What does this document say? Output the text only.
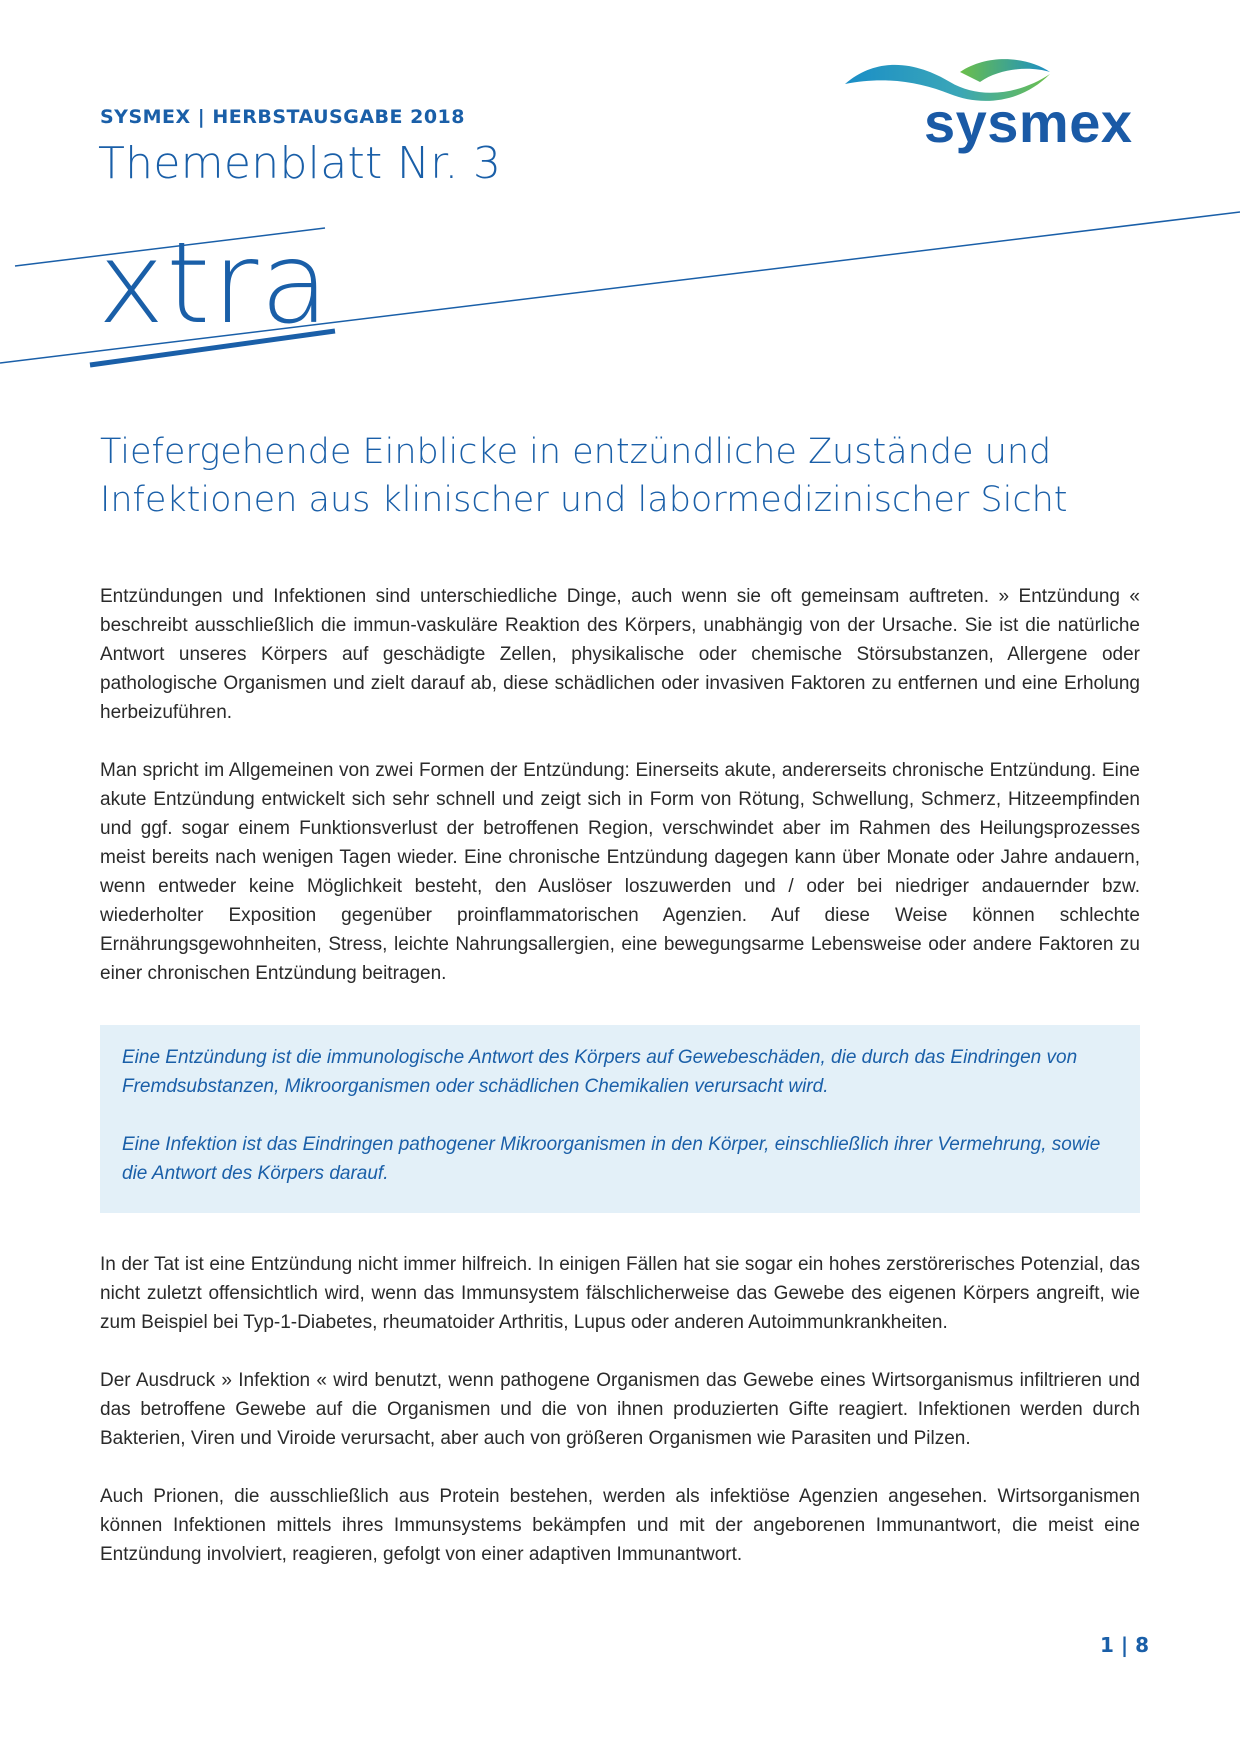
SYSMEX | HERBSTAUSGABE 2018
Themenblatt Nr. 3
sysmex
xtra
Tiefergehende Einblicke in entzündliche Zustände und Infektionen aus klinischer und labormedizinischer Sicht

Entzündungen und Infektionen sind unterschiedliche Dinge, auch wenn sie oft gemeinsam auftreten. » Entzündung « beschreibt ausschließlich die immun-vaskuläre Reaktion des Körpers, unabhängig von der Ursache. Sie ist die natürliche Antwort unseres Körpers auf geschädigte Zellen, physikalische oder chemische Störsubstanzen, Allergene oder pathologische Organismen und zielt darauf ab, diese schädlichen oder invasiven Faktoren zu entfernen und eine Erholung herbeizuführen.

Man spricht im Allgemeinen von zwei Formen der Entzündung: Einerseits akute, andererseits chronische Entzündung. Eine akute Entzündung entwickelt sich sehr schnell und zeigt sich in Form von Rötung, Schwellung, Schmerz, Hitzeempfinden und ggf. sogar einem Funktionsverlust der betroffenen Region, verschwindet aber im Rahmen des Heilungsprozesses meist bereits nach wenigen Tagen wieder. Eine chronische Entzündung dagegen kann über Monate oder Jahre andauern, wenn entweder keine Möglichkeit besteht, den Auslöser loszuwerden und / oder bei niedriger andauernder bzw. wiederholter Exposition gegenüber proinflammatorischen Agenzien. Auf diese Weise können schlechte Ernährungsgewohnheiten, Stress, leichte Nahrungsallergien, eine bewegungsarme Lebensweise oder andere Faktoren zu einer chronischen Entzündung beitragen.

Eine Entzündung ist die immunologische Antwort des Körpers auf Gewebeschäden, die durch das Eindringen von Fremdsubstanzen, Mikroorganismen oder schädlichen Chemikalien verursacht wird.

Eine Infektion ist das Eindringen pathogener Mikroorganismen in den Körper, einschließlich ihrer Vermehrung, sowie die Antwort des Körpers darauf.

In der Tat ist eine Entzündung nicht immer hilfreich. In einigen Fällen hat sie sogar ein hohes zerstörerisches Potenzial, das nicht zuletzt offensichtlich wird, wenn das Immunsystem fälschlicherweise das Gewebe des eigenen Körpers angreift, wie zum Beispiel bei Typ-1-Diabetes, rheumatoider Arthritis, Lupus oder anderen Autoimmunkrankheiten.

Der Ausdruck » Infektion « wird benutzt, wenn pathogene Organismen das Gewebe eines Wirtsorganismus infiltrieren und das betroffene Gewebe auf die Organismen und die von ihnen produzierten Gifte reagiert. Infektionen werden durch Bakterien, Viren und Viroide verursacht, aber auch von größeren Organismen wie Parasiten und Pilzen.

Auch Prionen, die ausschließlich aus Protein bestehen, werden als infektiöse Agenzien angesehen. Wirtsorganismen können Infektionen mittels ihres Immunsystems bekämpfen und mit der angeborenen Immunantwort, die meist eine Entzündung involviert, reagieren, gefolgt von einer adaptiven Immunantwort.

1 | 8
